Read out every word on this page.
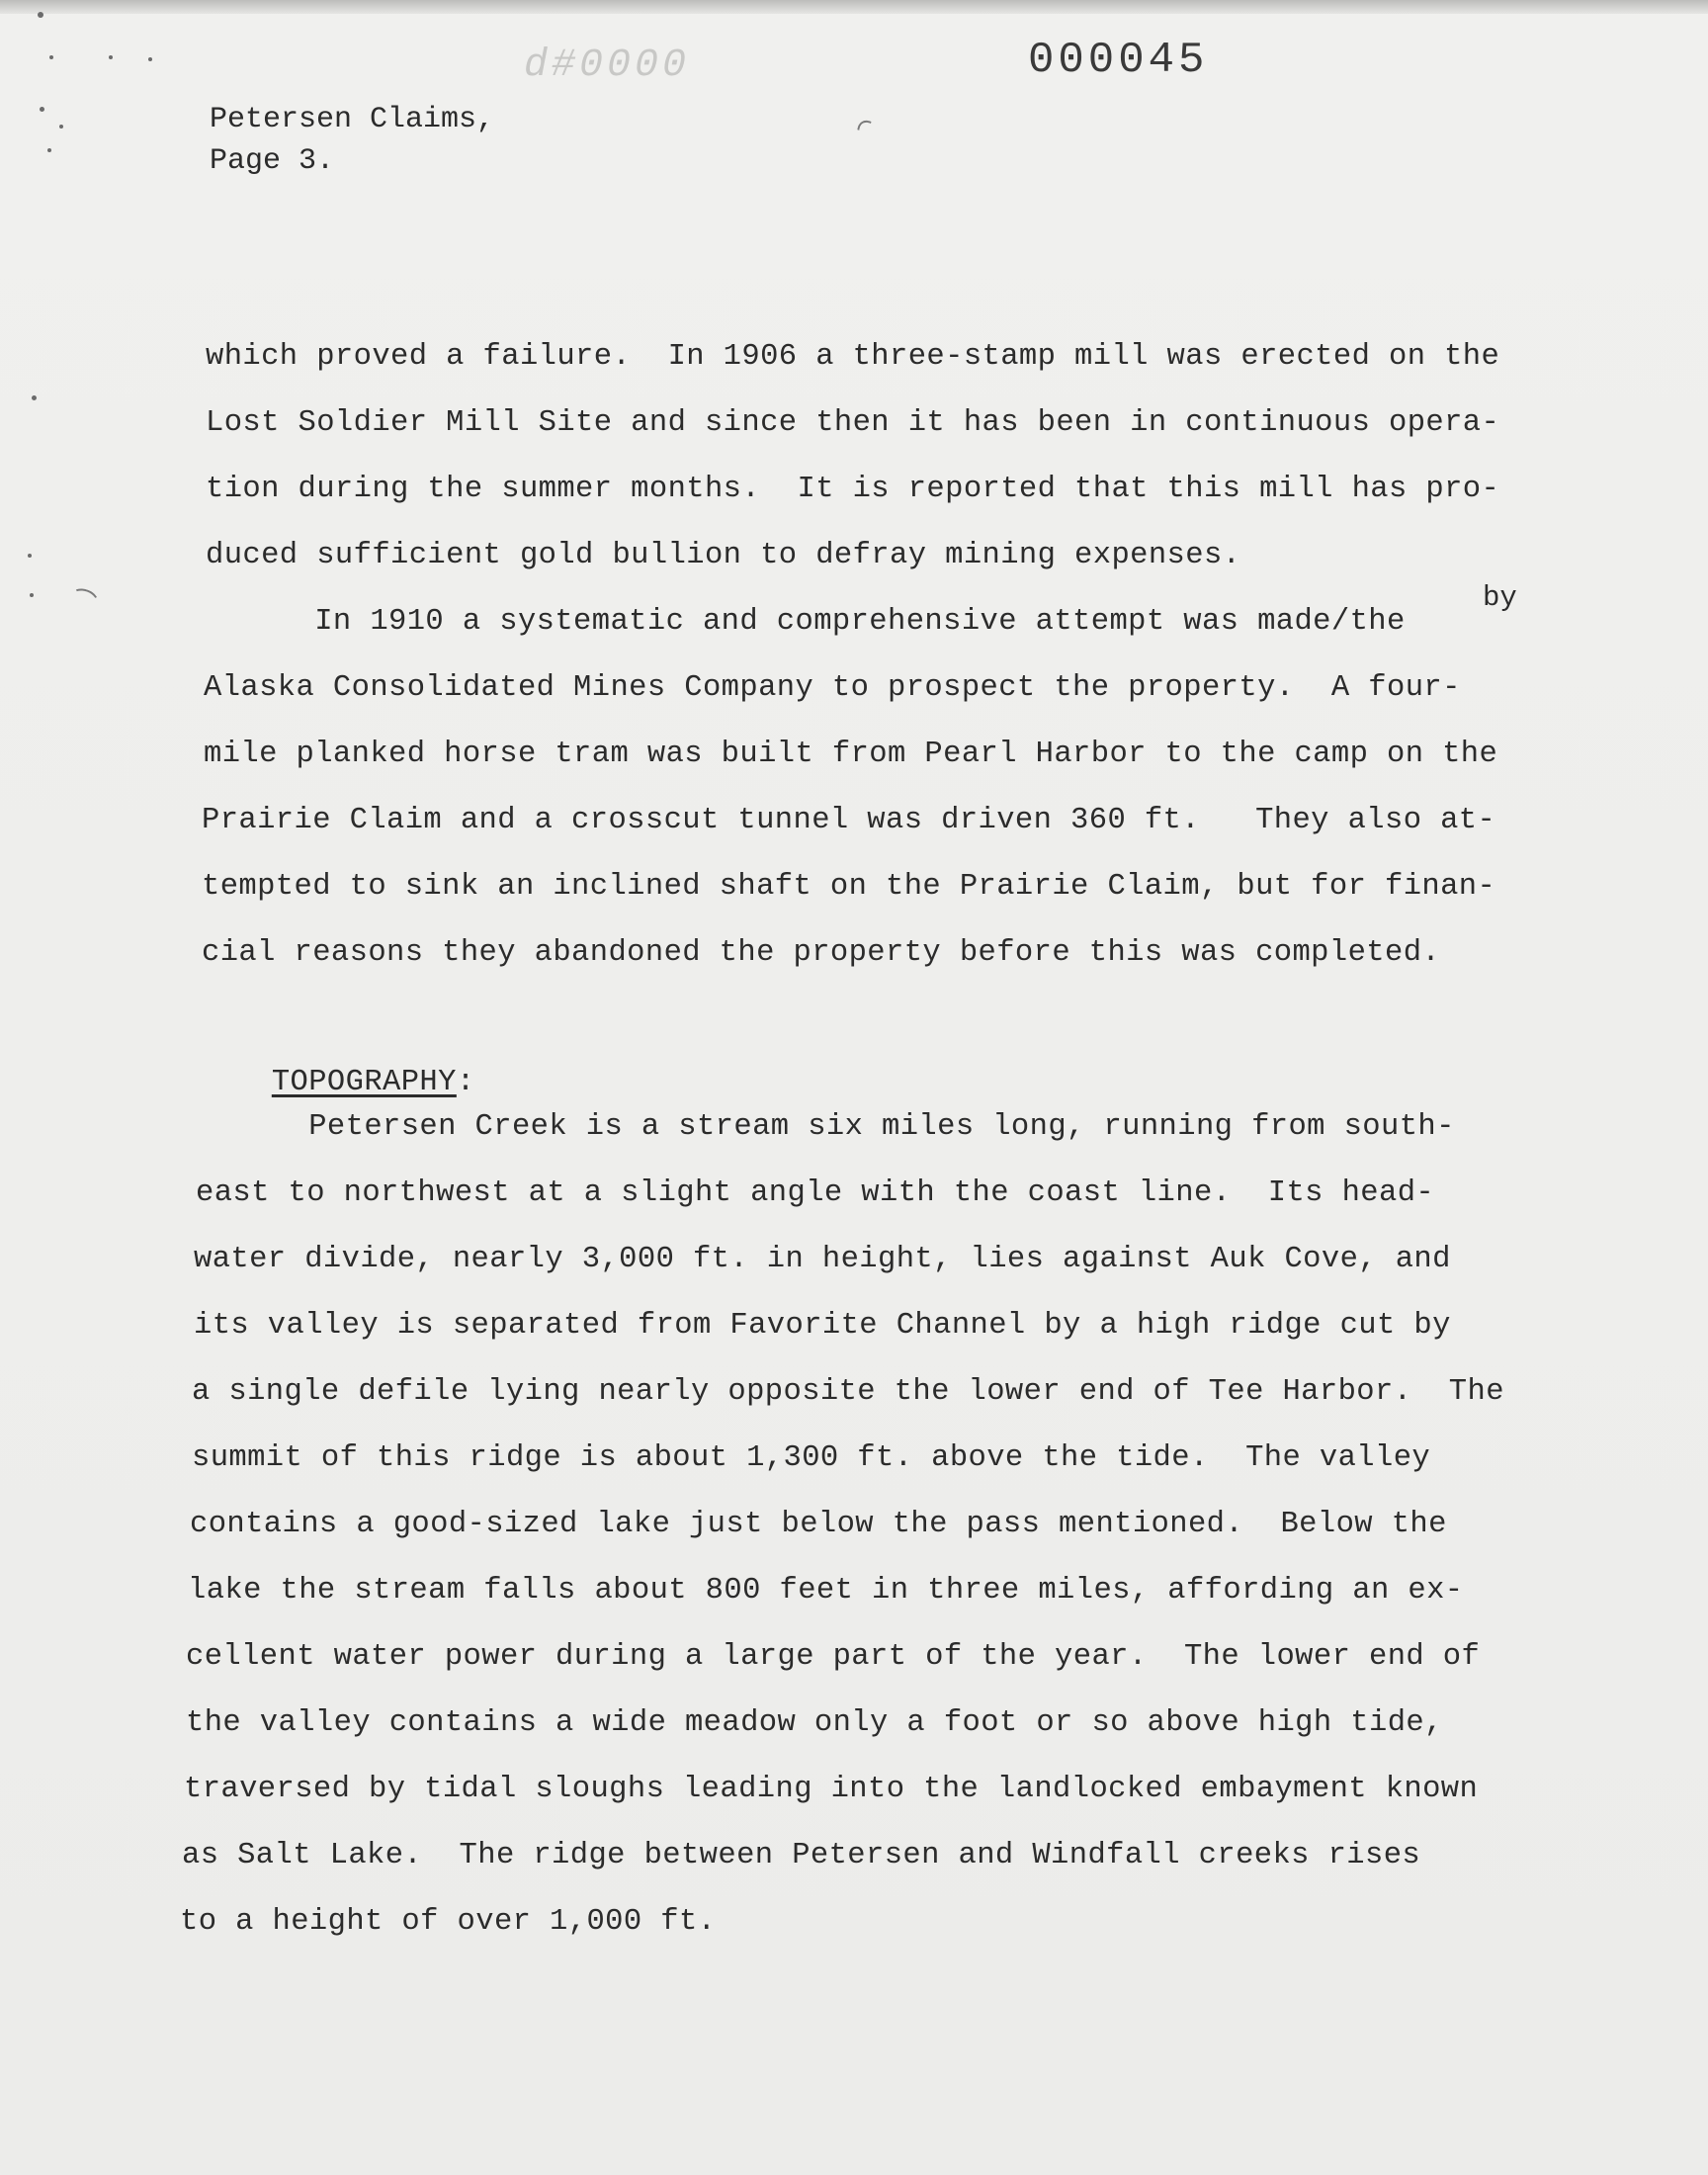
d#0000	000045
Petersen Claims,
Page 3.
which proved a failure.  In 1906 a three-stamp mill was erected on the
Lost Soldier Mill Site and since then it has been in continuous opera-
tion during the summer months.  It is reported that this mill has pro-
duced sufficient gold bullion to defray mining expenses.
by
In 1910 a systematic and comprehensive attempt was made/the
Alaska Consolidated Mines Company to prospect the property.  A four-
mile planked horse tram was built from Pearl Harbor to the camp on the
Prairie Claim and a crosscut tunnel was driven 360 ft.   They also at-
tempted to sink an inclined shaft on the Prairie Claim, but for finan-
cial reasons they abandoned the property before this was completed.

TOPOGRAPHY:

Petersen Creek is a stream six miles long, running from south-
east to northwest at a slight angle with the coast line.  Its head-
water divide, nearly 3,000 ft. in height, lies against Auk Cove, and
its valley is separated from Favorite Channel by a high ridge cut by
a single defile lying nearly opposite the lower end of Tee Harbor.  The
summit of this ridge is about 1,300 ft. above the tide.  The valley
contains a good-sized lake just below the pass mentioned.  Below the
lake the stream falls about 800 feet in three miles, affording an ex-
cellent water power during a large part of the year.  The lower end of
the valley contains a wide meadow only a foot or so above high tide,
traversed by tidal sloughs leading into the landlocked embayment known
as Salt Lake.  The ridge between Petersen and Windfall creeks rises
to a height of over 1,000 ft.
